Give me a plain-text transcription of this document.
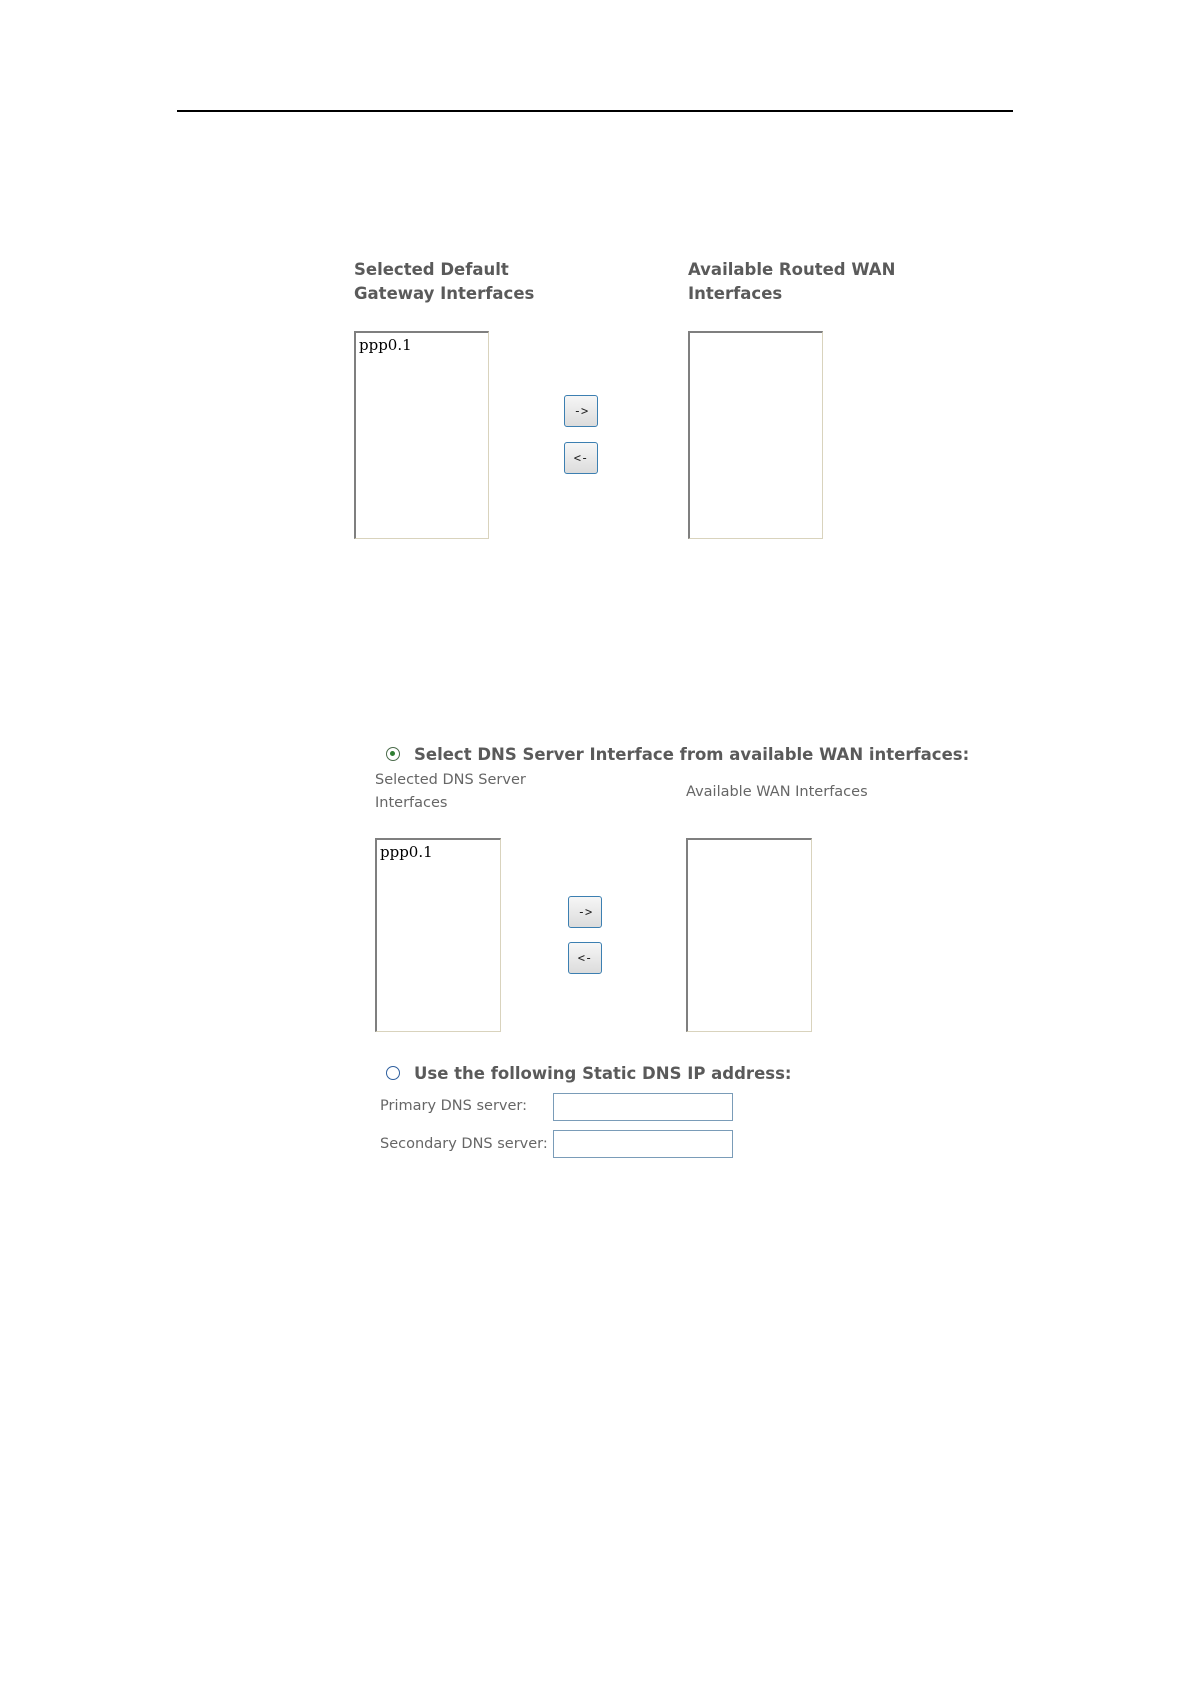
Selected Default
Gateway Interfaces
Available Routed WAN
Interfaces
ppp0.1
->
<-
Select DNS Server Interface from available WAN interfaces:
Selected DNS Server
Interfaces
Available WAN Interfaces
ppp0.1
->
<-
Use the following Static DNS IP address:
Primary DNS server:
Secondary DNS server:
